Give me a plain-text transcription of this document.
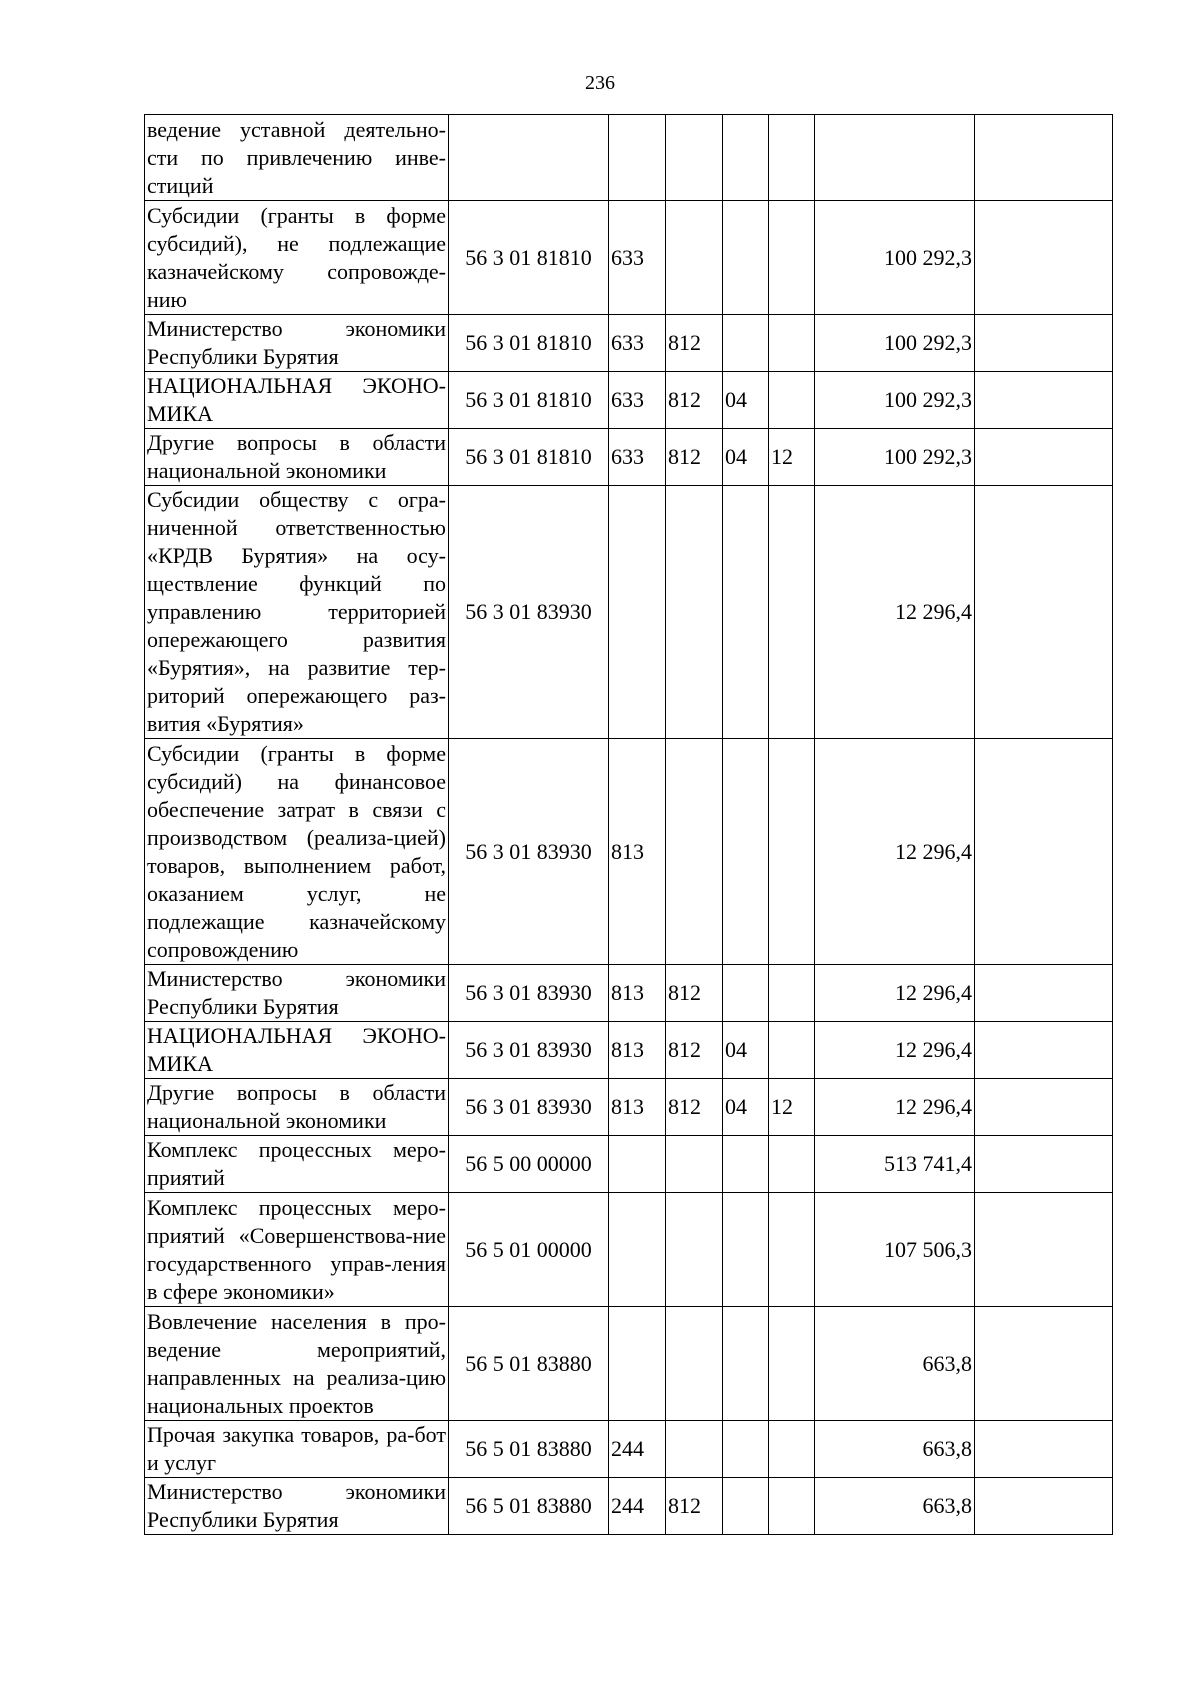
236
ведение уставной деятельно-сти по привлечению инве-стиций							
Субсидии (гранты в форме субсидий), не подлежащие казначейскому сопровожде-нию	56 3 01 81810	633				100 292,3	
Министерство экономики Республики Бурятия	56 3 01 81810	633	812			100 292,3	
НАЦИОНАЛЬНАЯ ЭКОНО-МИКА	56 3 01 81810	633	812	04		100 292,3	
Другие вопросы в области национальной экономики	56 3 01 81810	633	812	04	12	100 292,3	
Субсидии обществу с огра-ниченной ответственностью «КРДВ Бурятия» на осу-ществление функций по управлению территорией опережающего развития «Бурятия», на развитие тер-риторий опережающего раз-вития «Бурятия»	56 3 01 83930					12 296,4	
Субсидии (гранты в форме субсидий) на финансовое обеспечение затрат в связи с производством (реализа-цией) товаров, выполнением работ, оказанием услуг, не подлежащие казначейскому сопровождению	56 3 01 83930	813				12 296,4	
Министерство экономики Республики Бурятия	56 3 01 83930	813	812			12 296,4	
НАЦИОНАЛЬНАЯ ЭКОНО-МИКА	56 3 01 83930	813	812	04		12 296,4	
Другие вопросы в области национальной экономики	56 3 01 83930	813	812	04	12	12 296,4	
Комплекс процессных меро-приятий	56 5 00 00000					513 741,4	
Комплекс процессных меро-приятий «Совершенствова-ние государственного управ-ления в сфере экономики»	56 5 01 00000					107 506,3	
Вовлечение населения в про-ведение мероприятий, направленных на реализа-цию национальных проектов	56 5 01 83880					663,8	
Прочая закупка товаров, ра-бот и услуг	56 5 01 83880	244				663,8	
Министерство экономики Республики Бурятия	56 5 01 83880	244	812			663,8	
